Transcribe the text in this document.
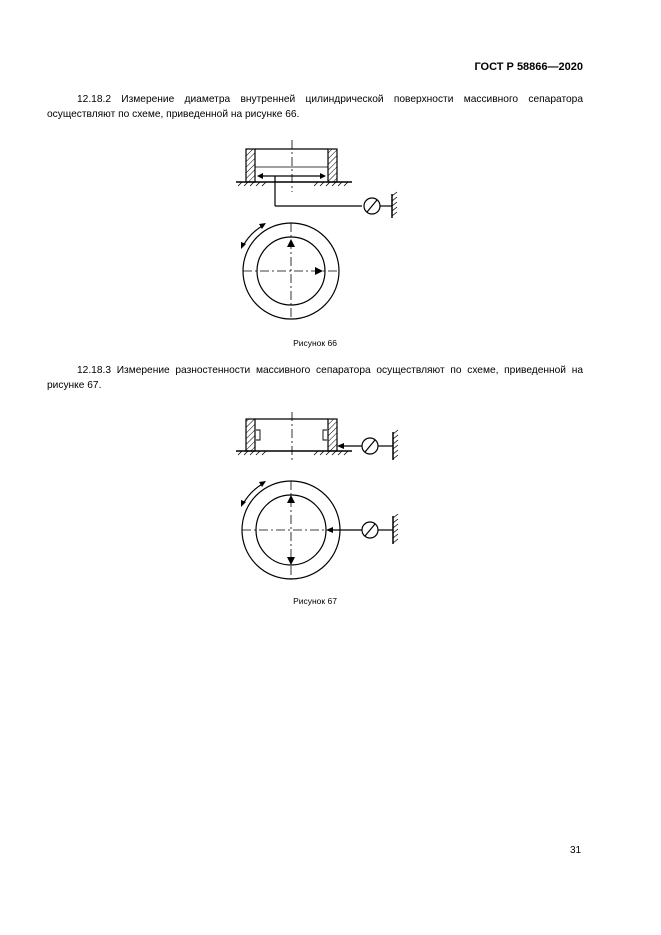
ГОСТ Р 58866—2020
12.18.2 Измерение диаметра внутренней цилиндрической поверхности массивного сепаратора осуществляют по схеме, приведенной на рисунке 66.
Рисунок 66
12.18.3 Измерение разностенности массивного сепаратора осуществляют по схеме, приведенной на рисунке 67.
Рисунок 67
31
